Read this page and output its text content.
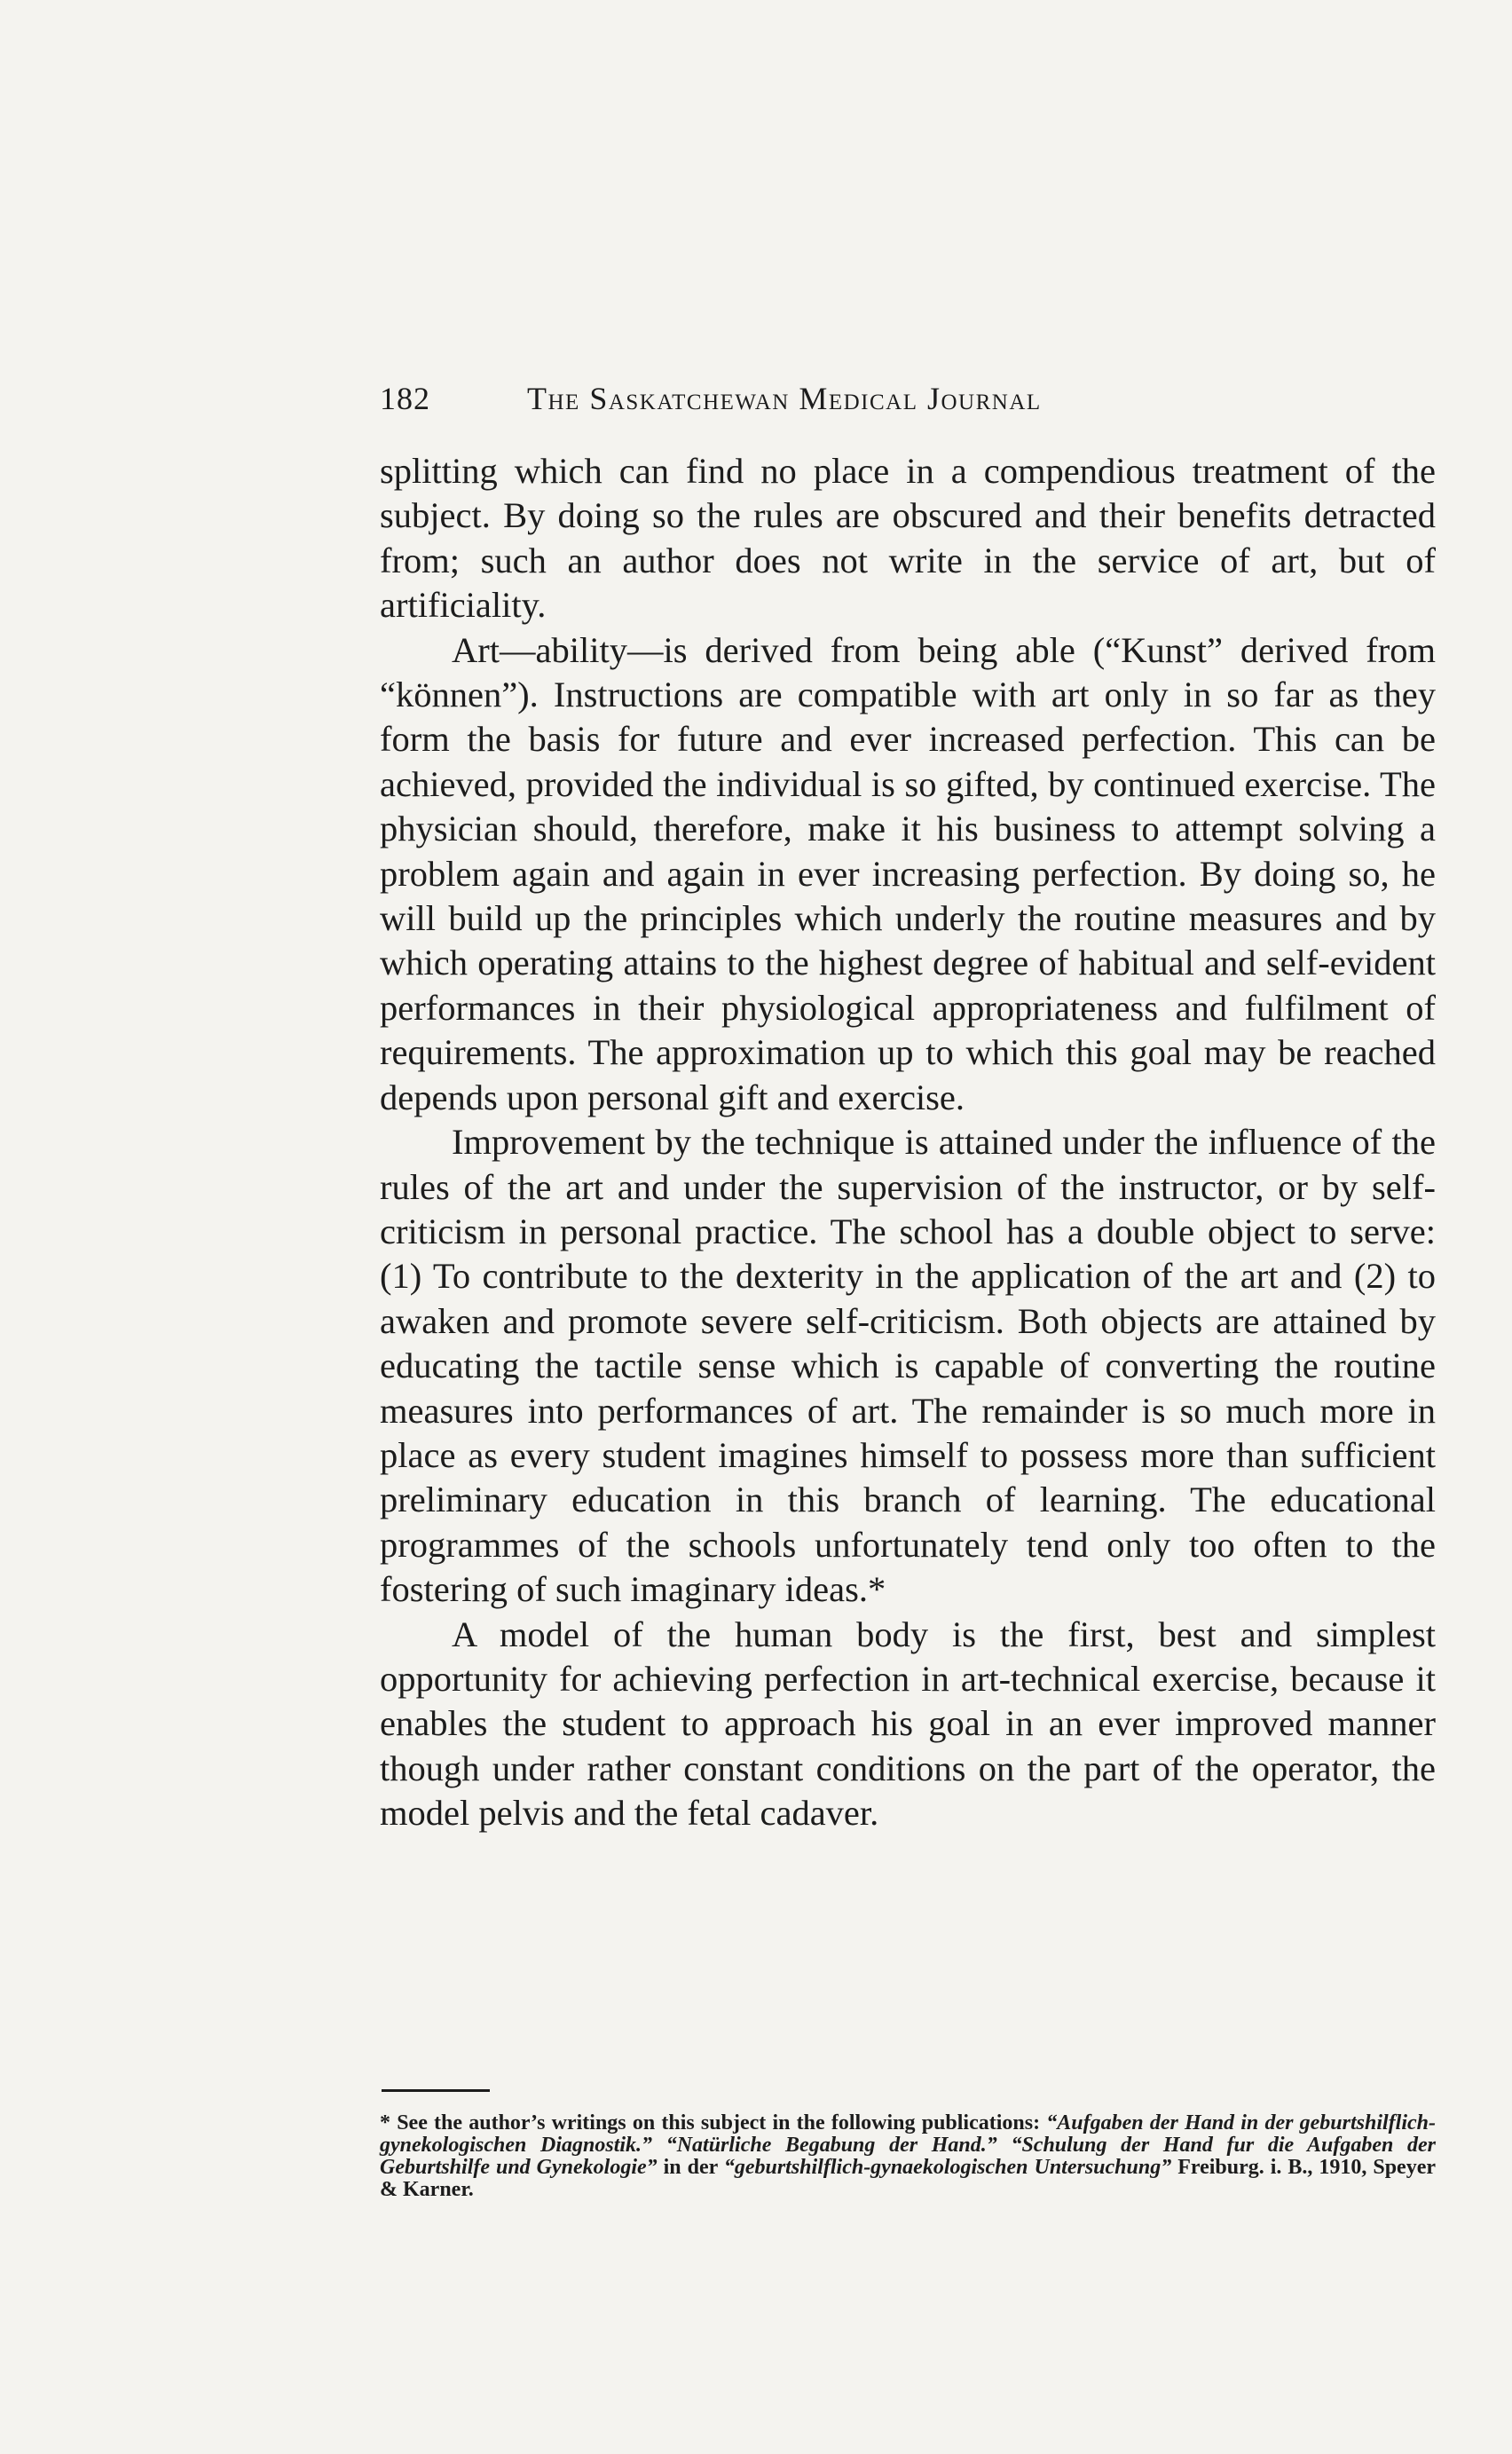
182	The Saskatchewan Medical Journal

splitting which can find no place in a compendious treatment of the subject. By doing so the rules are obscured and their benefits detracted from; such an author does not write in the service of art, but of artificiality.

Art—ability—is derived from being able (“Kunst” derived from “können”). Instructions are compatible with art only in so far as they form the basis for future and ever increased perfection. This can be achieved, provided the individual is so gifted, by continued exercise. The physician should, therefore, make it his business to attempt solving a problem again and again in ever increasing perfection. By doing so, he will build up the principles which underly the routine measures and by which operating attains to the highest degree of habitual and self-evident performances in their physiological appropriateness and fulfilment of requirements. The approximation up to which this goal may be reached depends upon personal gift and exercise.

Improvement by the technique is attained under the influence of the rules of the art and under the supervision of the instructor, or by self-criticism in personal practice. The school has a double object to serve: (1) To contribute to the dexterity in the application of the art and (2) to awaken and promote severe self-criticism. Both objects are attained by educating the tactile sense which is capable of converting the routine measures into performances of art. The remainder is so much more in place as every student imagines himself to possess more than sufficient preliminary education in this branch of learning. The educational programmes of the schools unfortunately tend only too often to the fostering of such imaginary ideas.*

A model of the human body is the first, best and simplest opportunity for achieving perfection in art-technical exercise, because it enables the student to approach his goal in an ever improved manner though under rather constant conditions on the part of the operator, the model pelvis and the fetal cadaver.

* See the author’s writings on this subject in the following publications: “Aufgaben der Hand in der geburtshilflich-gynekologischen Diagnostik.” “Natürliche Begabung der Hand.” “Schulung der Hand fur die Aufgaben der Geburtshilfe und Gynekologie” in der “geburtshilflich-gynaekologischen Untersuchung” Freiburg. i. B., 1910, Speyer & Karner.
